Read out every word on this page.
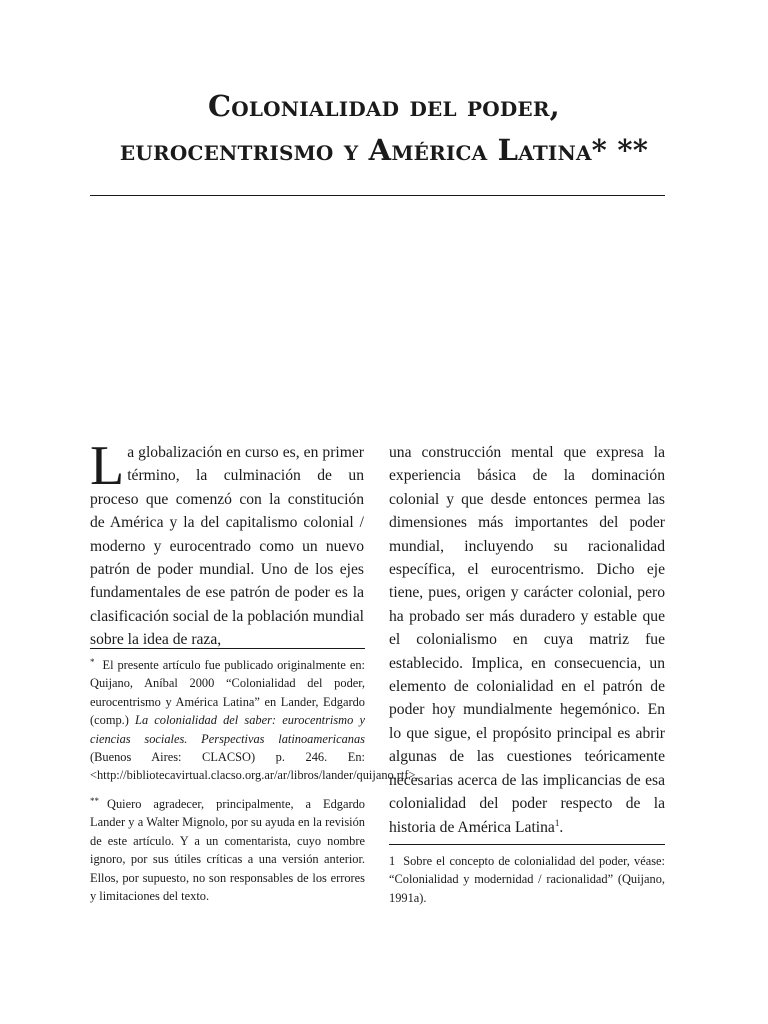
Colonialidad del poder,
eurocentrismo y América Latina* **

La globalización en curso es, en primer término, la culminación de un proceso que comenzó con la constitución de América y la del capitalismo colonial / moderno y eurocentrado como un nuevo patrón de poder mundial. Uno de los ejes fundamentales de ese patrón de poder es la clasificación social de la población mundial sobre la idea de raza,

una construcción mental que expresa la experiencia básica de la dominación colonial y que desde entonces permea las dimensiones más importantes del poder mundial, incluyendo su racionalidad específica, el eurocentrismo. Dicho eje tiene, pues, origen y carácter colonial, pero ha probado ser más duradero y estable que el colonialismo en cuya matriz fue establecido. Implica, en consecuencia, un elemento de colonialidad en el patrón de poder hoy mundialmente hegemónico. En lo que sigue, el propósito principal es abrir algunas de las cuestiones teóricamente necesarias acerca de las implicancias de esa colonialidad del poder respecto de la historia de América Latina$^1$.

* El presente artículo fue publicado originalmente en: Quijano, Aníbal 2000 “Colonialidad del poder, eurocentrismo y América Latina” en Lander, Edgardo (comp.) La colonialidad del saber: eurocentrismo y ciencias sociales. Perspectivas latinoamericanas (Buenos Aires: CLACSO) p. 246. En: <http://bibliotecavirtual.clacso.org.ar/ar/libros/lander/quijano.rtf>.

** Quiero agradecer, principalmente, a Edgardo Lander y a Walter Mignolo, por su ayuda en la revisión de este artículo. Y a un comentarista, cuyo nombre ignoro, por sus útiles críticas a una versión anterior. Ellos, por supuesto, no son responsables de los errores y limitaciones del texto.

1 Sobre el concepto de colonialidad del poder, véase: “Colonialidad y modernidad / racionalidad” (Quijano, 1991a).
